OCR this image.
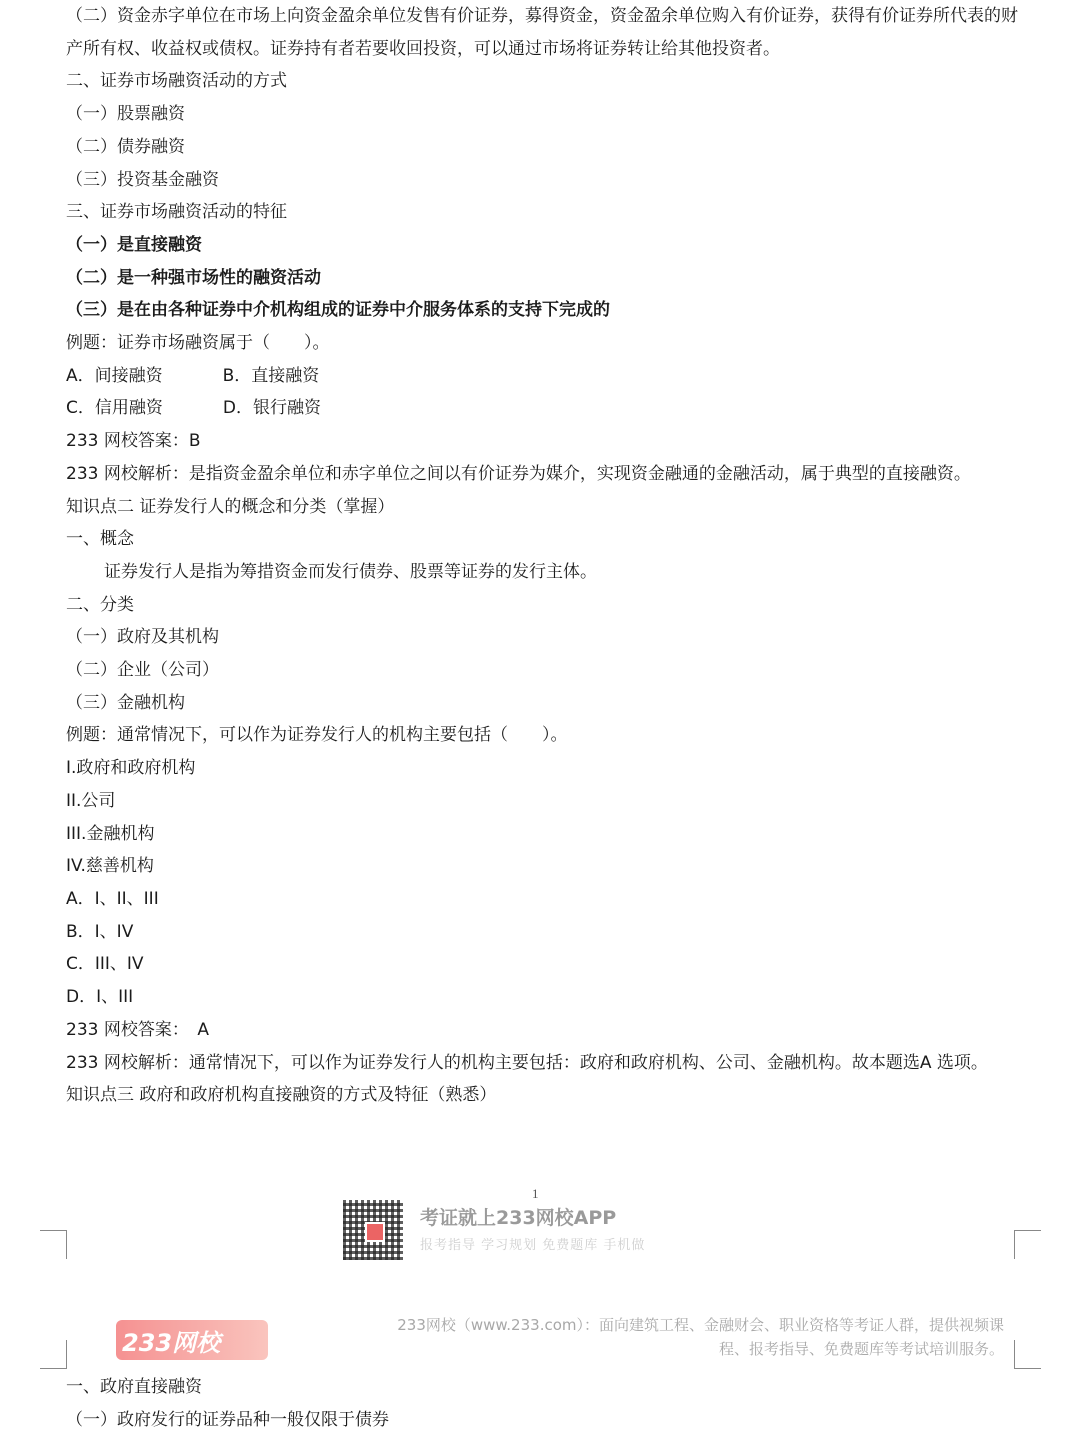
（二）资金赤字单位在市场上向资金盈余单位发售有价证券，募得资金，资金盈余单位购入有价证券，获得有价证券所代表的财产所有权、收益权或债权。证券持有者若要收回投资，可以通过市场将证券转让给其他投资者。
二、证券市场融资活动的方式
（一）股票融资
（二）债券融资
（三）投资基金融资
三、证券市场融资活动的特征
（一）是直接融资
（二）是一种强市场性的融资活动
（三）是在由各种证券中介机构组成的证券中介服务体系的支持下完成的
例题：证券市场融资属于（　　）。
A．间接融资	B．直接融资
C．信用融资	D．银行融资
233 网校答案：B
233 网校解析：是指资金盈余单位和赤字单位之间以有价证券为媒介，实现资金融通的金融活动，属于典型的直接融资。
知识点二 证券发行人的概念和分类（掌握）
一、概念
证券发行人是指为筹措资金而发行债券、股票等证券的发行主体。
二、分类
（一）政府及其机构
（二）企业（公司）
（三）金融机构
例题：通常情况下，可以作为证券发行人的机构主要包括（　　）。
I.政府和政府机构
II.公司
III.金融机构
IV.慈善机构
A．I、II、III
B．I、IV
C．III、IV
D．I、III
233 网校答案：　A
233 网校解析：通常情况下，可以作为证券发行人的机构主要包括：政府和政府机构、公司、金融机构。故本题选A 选项。
知识点三 政府和政府机构直接融资的方式及特征（熟悉）
1
考证就上233网校APP
报考指导 学习规划 免费题库 手机做
233网校
233网校（www.233.com）：面向建筑工程、金融财会、职业资格等考证人群，提供视频课程、报考指导、免费题库等考试培训服务。
一、政府直接融资
（一）政府发行的证券品种一般仅限于债券
